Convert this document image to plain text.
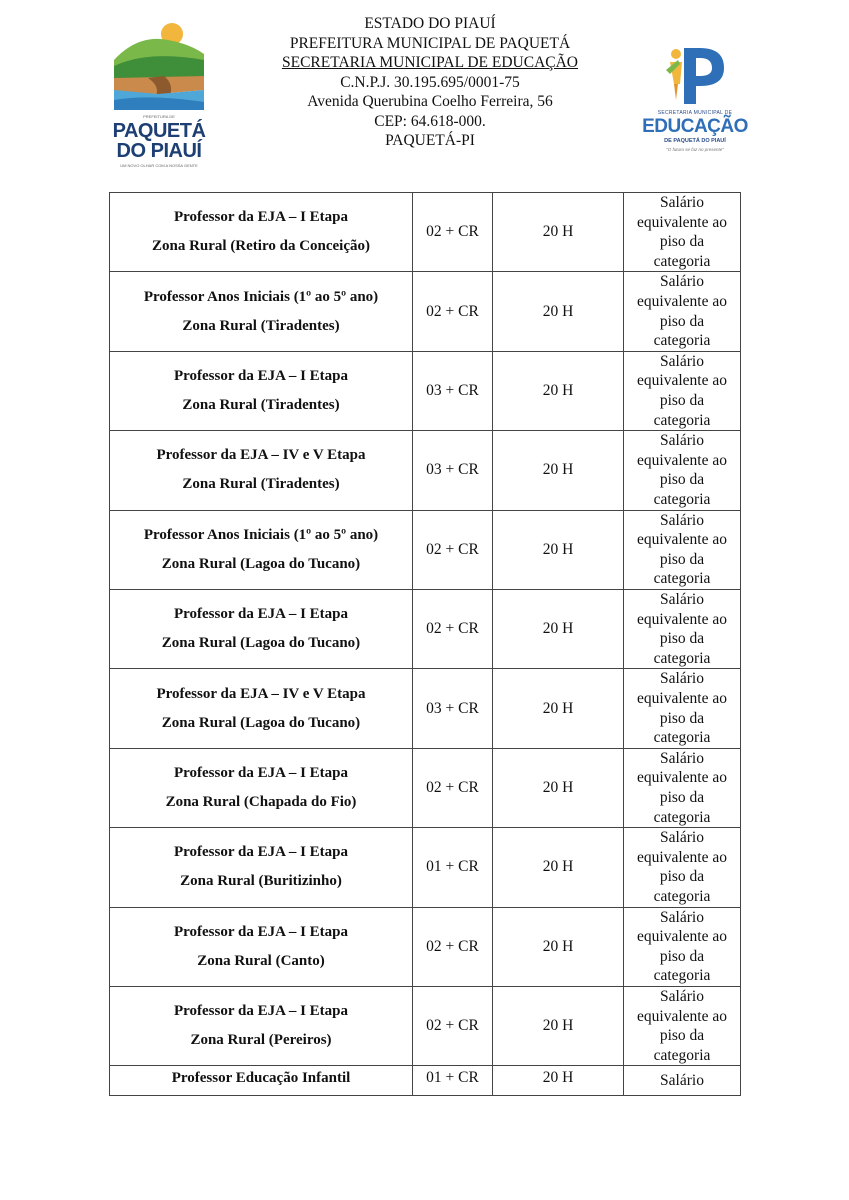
PREFEITURA DE
PAQUETÁ
DO PIAUÍ
UM NOVO OLHAR COM A NOSSA GENTE
ESTADO DO PIAUÍ
PREFEITURA MUNICIPAL DE PAQUETÁ
SECRETARIA MUNICIPAL DE EDUCAÇÃO
C.N.P.J. 30.195.695/0001-75
Avenida Querubina Coelho Ferreira, 56
CEP: 64.618-000.
PAQUETÁ-PI
SECRETARIA MUNICIPAL DE
EDUCAÇÃO
DE PAQUETÁ DO PIAUÍ
"O futuro se faz no presente"
Professor da EJA – I Etapa
Zona Rural (Retiro da Conceição)	02 + CR	20 H	Salário equivalente ao piso da categoria

Professor Anos Iniciais (1º ao 5º ano)
Zona Rural (Tiradentes)	02 + CR	20 H	Salário equivalente ao piso da categoria

Professor da EJA – I Etapa
Zona Rural (Tiradentes)	03 + CR	20 H	Salário equivalente ao piso da categoria

Professor da EJA – IV e V Etapa
Zona Rural (Tiradentes)	03 + CR	20 H	Salário equivalente ao piso da categoria

Professor Anos Iniciais (1º ao 5º ano)
Zona Rural (Lagoa do Tucano)	02 + CR	20 H	Salário equivalente ao piso da categoria

Professor da EJA – I Etapa
Zona Rural (Lagoa do Tucano)	02 + CR	20 H	Salário equivalente ao piso da categoria

Professor da EJA – IV e V Etapa
Zona Rural (Lagoa do Tucano)	03 + CR	20 H	Salário equivalente ao piso da categoria

Professor da EJA – I Etapa
Zona Rural (Chapada do Fio)	02 + CR	20 H	Salário equivalente ao piso da categoria

Professor da EJA – I Etapa
Zona Rural (Buritizinho)	01 + CR	20 H	Salário equivalente ao piso da categoria

Professor da EJA – I Etapa
Zona Rural (Canto)	02 + CR	20 H	Salário equivalente ao piso da categoria

Professor da EJA – I Etapa
Zona Rural (Pereiros)	02 + CR	20 H	Salário equivalente ao piso da categoria

Professor Educação Infantil	01 + CR	20 H	Salário
